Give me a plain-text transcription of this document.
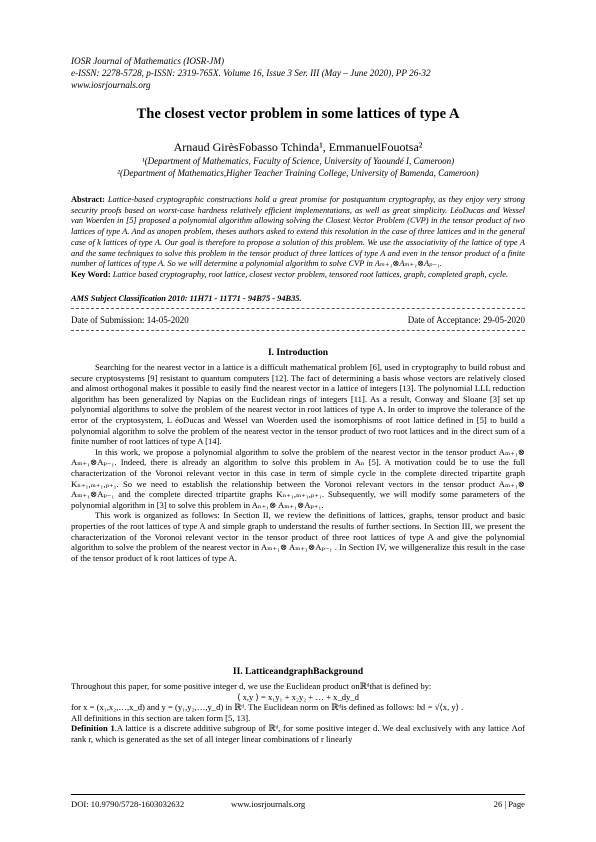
IOSR Journal of Mathematics (IOSR-JM)
e-ISSN: 2278-5728, p-ISSN: 2319-765X. Volume 16, Issue 3 Ser. III (May – June 2020), PP 26-32
www.iosrjournals.org
The closest vector problem in some lattices of type A
Arnaud GirèsFobasso Tchinda¹, EmmanuelFouotsa²
¹(Department of Mathematics, Faculty of Science, University of Yaoundé I, Cameroon)
²(Department of Mathematics,Higher Teacher Training College, University of Bamenda, Cameroon)
Abstract: Lattice-based cryptographic constructions hold a great promise for postquantum cryptography, as they enjoy very strong security proofs based on worst-case hardness relatively efficient implementations, as well as great simplicity. LéoDucas and Wessel van Woerden in [5] proposed a polynomial algorithm allowing solving the Closest Vector Problem (CVP) in the tensor product of two lattices of type A. And as anopen problem, theses authors asked to extend this resolution in the case of three lattices and in the general case of k lattices of type A. Our goal is therefore to propose a solution of this problem. We use the associativity of the lattice of type A and the same techniques to solve this problem in the tensor product of three lattices of type A and even in the tensor product of a finite number of lattices of type A. So we will determine a polynomial algorithm to solve CVP in Aₘ₊₁⊗Aₘ₊₁⊗Aₚ₋₁.
Key Word: Lattice based cryptography, root lattice, closest vector problem, tensored root lattices, graph, completed graph, cycle.
AMS Subject Classification 2010: 11H71 - 11T71 - 94B75 - 94B35.
Date of Submission: 14-05-2020	Date of Acceptance: 29-05-2020
I. Introduction

Searching for the nearest vector in a lattice is a difficult mathematical problem [6], used in cryptography to build robust and secure cryptosystems [9] resistant to quantum computers [12]. The fact of determining a basis whose vectors are relatively closed and almost orthogonal makes it possible to easily find the nearest vector in a lattice of integers [13]. The polynomial LLL reduction algorithm has been generalized by Napias on the Euclidean rings of integers [11]. As a result, Conway and Sloane [3] set up polynomial algorithms to solve the problem of the nearest vector in root lattices of type A. In order to improve the tolerance of the error of the cryptosystem, L éoDucas and Wessel van Woerden used the isomorphisms of root lattice defined in [5] to build a polynomial algorithm to solve the problem of the nearest vector in the tensor product of two root lattices and in the direct sum of a finite number of root lattices of type A [14].

In this work, we propose a polynomial algorithm to solve the problem of the nearest vector in the tensor product Aₘ₊₁⊗ Aₘ₊₁⊗Aₚ₋₁. Indeed, there is already an algorithm to solve this problem in Aₙ [5]. A motivation could be to use the full characterization of the Voronoi relevant vector in this case in term of simple cycle in the complete directed tripartite graph Kₙ₊₁,ₘ₊₁,ₚ₊₁. So we need to establish the relationship between the Voronoi relevant vectors in the tensor product Aₘ₊₁⊗ Aₘ₊₁⊗Aₚ₋₁ and the complete directed tripartite graphs Kₙ₊₁,ₘ₊₁,ₚ₊₁. Subsequently, we will modify some parameters of the polynomial algorithm in [3] to solve this problem in Aₙ₊₁⊗ Aₘ₊₁⊗Aₚ₊₁.

This work is organized as follows: In Section II, we review the definitions of lattices, graphs, tensor product and basic properties of the root lattices of type A and simple graph to understand the results of further sections. In Section III, we present the characterization of the Voronoi relevant vector in the tensor product of three root lattices of type A and give the polynomial algorithm to solve the problem of the nearest vector in Aₘ₊₁⊗ Aₘ₊₁⊗Aₚ₋₁ . In Section IV, we willgeneralize this result in the case of the tensor product of k root lattices of type A.

II. LatticeandgraphBackground

Throughout this paper, for some positive integer d, we use the Euclidean product onℝᵈthat is defined by:

⟨ x,y ⟩ = x₁y₁ + x₂y₂ + … + x_dy_d

for x = (x₁,x₂,…,x_d) and y = (y₁,y₂,…,y_d) in ℝᵈ. The Euclidean norm on ℝᵈis defined as follows: ‖x‖ = √⟨x, y⟩ .

All definitions in this section are taken form [5, 13].

Definition 1.A lattice is a discrete additive subgroup of ℝᵈ, for some positive integer d. We deal exclusively with any lattice Λof rank r, which is generated as the set of all integer linear combinations of r linearly

DOI: 10.9790/5728-1603032632	www.iosrjournals.org	26 | Page
